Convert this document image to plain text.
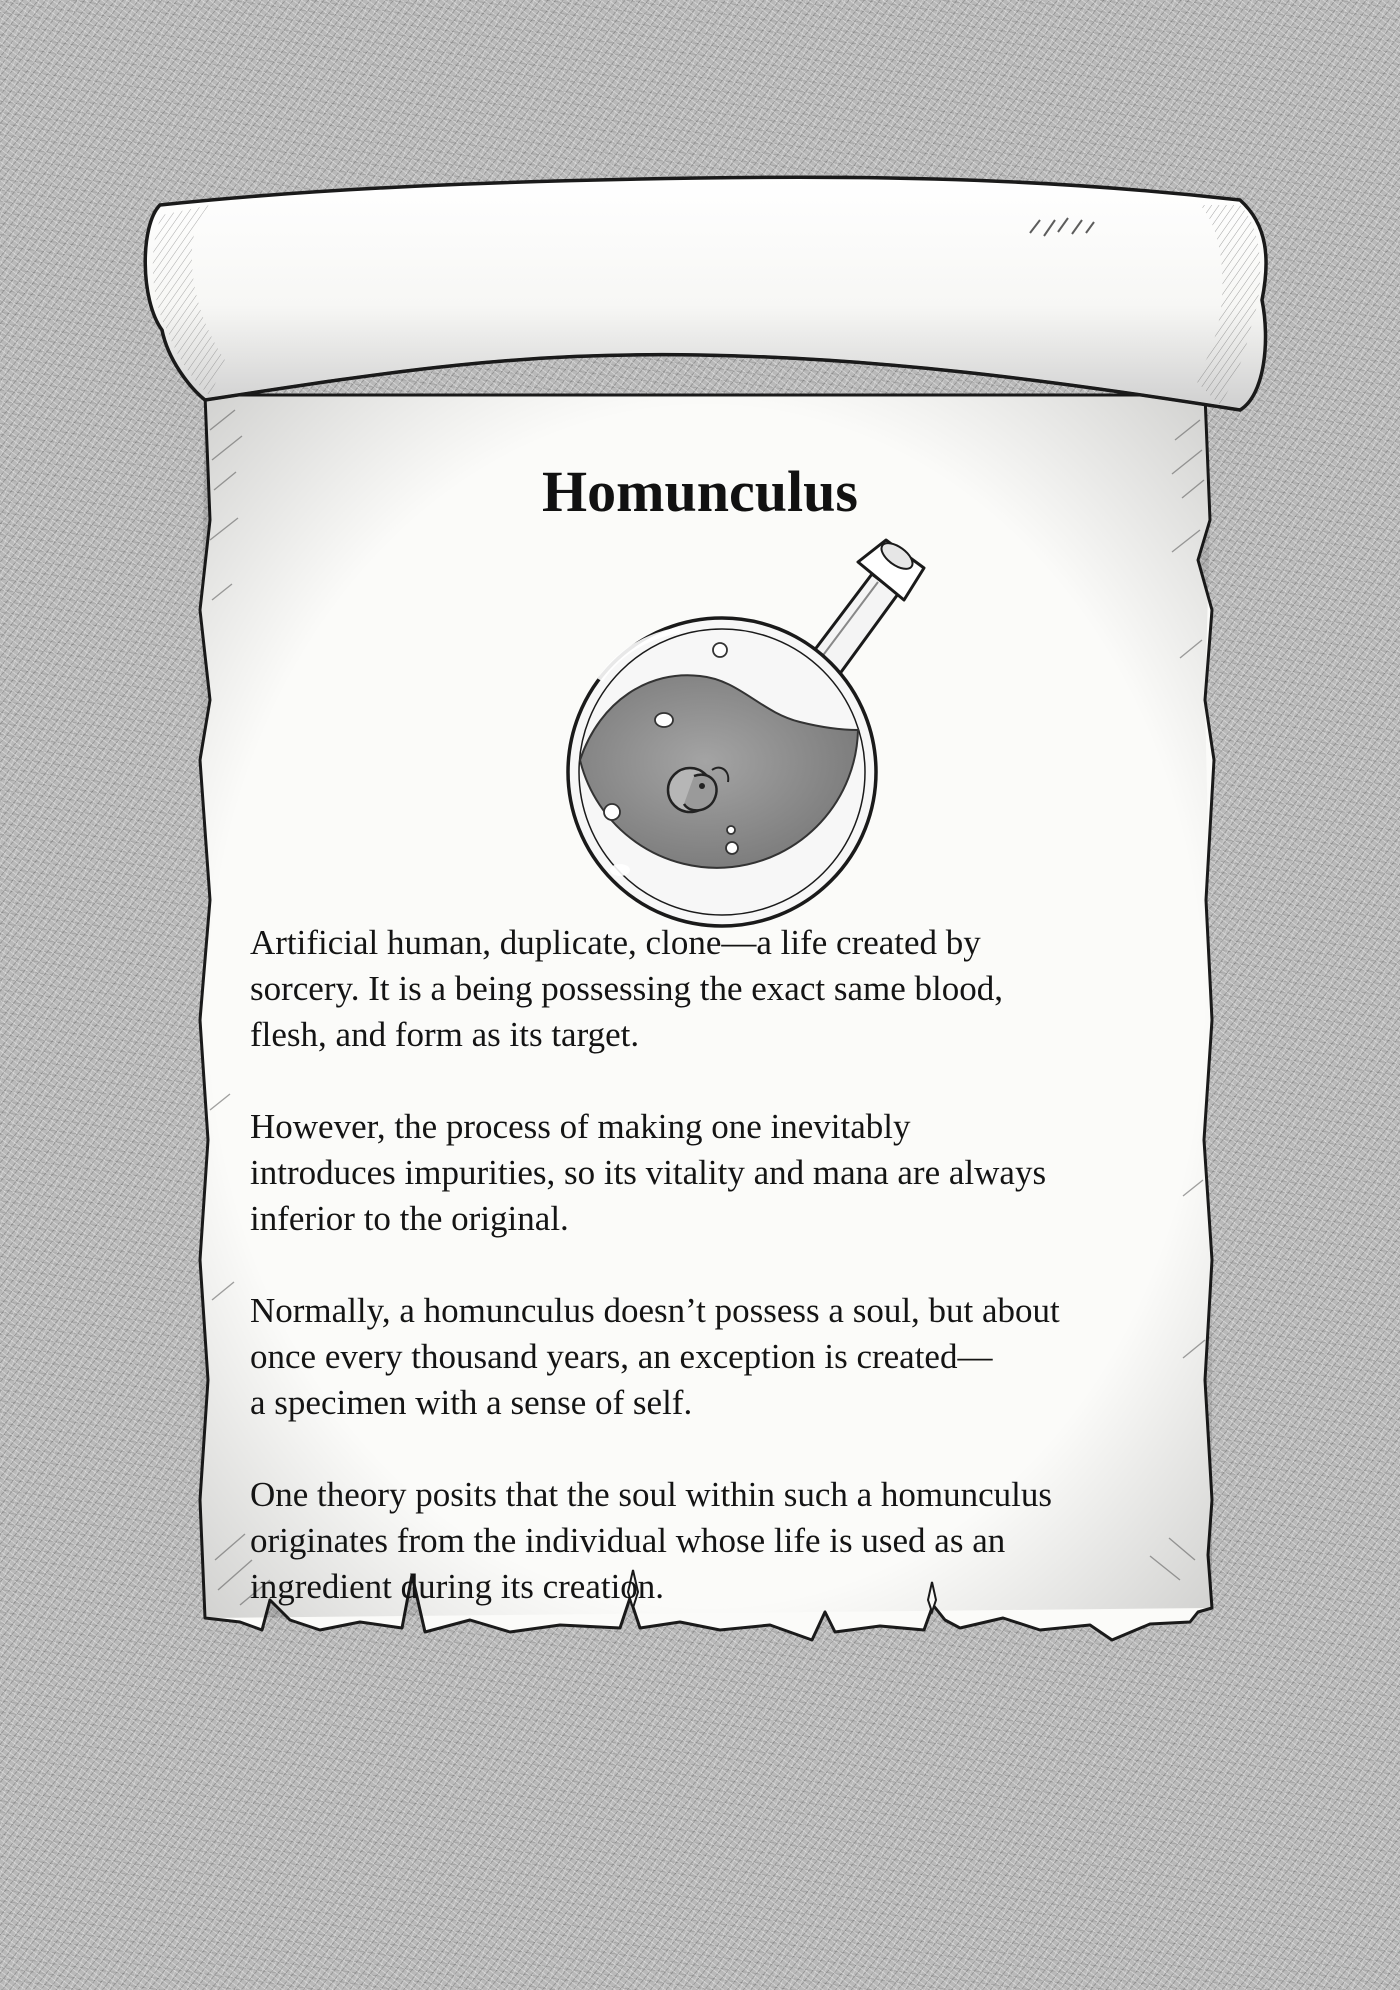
Homunculus

Artificial human, duplicate, clone—a life created by
sorcery. It is a being possessing the exact same blood,
flesh, and form as its target.

However, the process of making one inevitably
introduces impurities, so its vitality and mana are always
inferior to the original.

Normally, a homunculus doesn’t possess a soul, but about
once every thousand years, an exception is created—
a specimen with a sense of self.

One theory posits that the soul within such a homunculus
originates from the individual whose life is used as an
ingredient during its creation.
